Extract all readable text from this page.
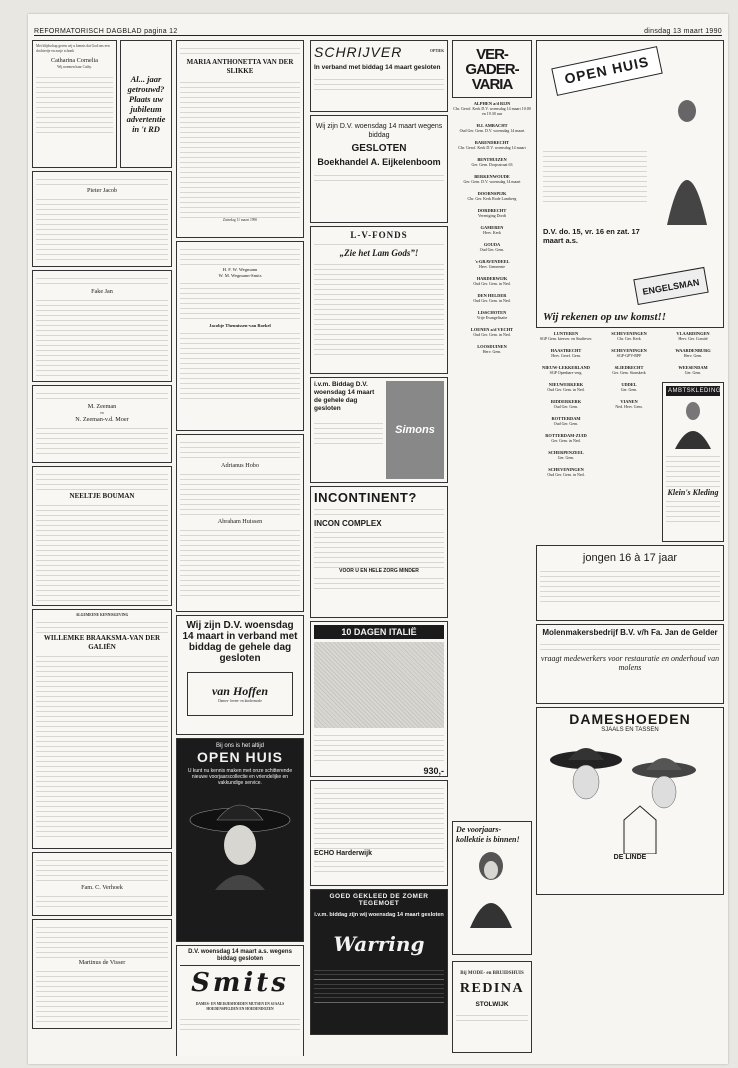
REFORMATORISCH DAGBLAD pagina 12	dinsdag 13 maart 1990
Met blijdschap geven wij u kennis dat God ons een dochtertje en zusje schonk
Catharina Cornelia
Wij noemen haar Cathy.
Al... jaar getrouwd? Plaats uw jubileum advertentie in 't RD
Pieter Jacob
Fake Jan
M. Zeeman
en
N. Zeeman-v.d. Moer
NEELTJE BOUMAN
ALGEMEENE KENNISGEVING
WILLEMKE BRAAKSMA-VAN DER GALIËN
Fam. C. Verhoek
Martinus de Visser
MARIA ANTHONETTA VAN DER SLIKKE
Zaterdag 11 maart 1990
H. F. W. Wegmann
W. M. Wegmann-Smits
Jacobje Theunissen-van Roekel
Adrianus Hobo
Abraham Huissen
Wij zijn D.V. woensdag 14 maart in verband met biddag de gehele dag gesloten
van Hoffen
Dames- heren- en kindermode
Bij ons is het altijd
OPEN HUIS
U kunt nu kennis maken met onze schitterende nieuwe voorjaarscollectie en vriendelijke en vakkundige service.
D.V. woensdag 14 maart a.s. wegens biddag gesloten
Smits
DAMES- EN MEISJESHOEDEN MUTSEN EN SJAALS HOEDENSPELDEN EN HOEDENDOZEN
SCHRIJVER	OPTIEK
In verband met biddag 14 maart gesloten
Wij zijn D.V. woensdag 14 maart wegens biddag
GESLOTEN
Boekhandel A. Eijkelenboom
L-V-FONDS
„Zie het Lam Gods”!
i.v.m. Biddag D.V. woensdag 14 maart de gehele dag gesloten
Simons
INCONTINENT?
INCON COMPLEX
VOOR U EN HELE ZORG MINDER
10 DAGEN ITALIË
930,-
ECHO Harderwijk
GOED GEKLEED DE ZOMER TEGEMOET
i.v.m. biddag zijn wij woensdag 14 maart gesloten
Warring
VER-GADER-VARIA
ALPHEN a/d RIJN
Chr. Gerof. Kerk D.V. woensdag 14 maart 10.00 en 19.30 uur
H.I. AMBACHT
Oud Ger. Gem. D.V. woensdag 14 maart
BARENDRECHT
Chr. Gerof. Kerk D.V. woensdag 14 maart
BENTHUIZEN
Ger. Gem. Dorpsstraat 63
BERKENWOUDE
Ger. Gem. D.V. woensdag 14 maart
DOORNSPIJK
Chr. Ger. Kerk Rode Landweg
DORDRECHT
Vereniging Dordt
GAMEREN
Herv. Kerk
GOUDA
Oud Ger. Gem.
's-GRAVENDEEL
Herv. Gemeente
HARDERWIJK
Oud Ger. Gem. in Ned.
DEN HELDER
Oud Ger. Gem. in Ned.
LISSCHOTEN
Vrije Evangelisatie
LOENEN a/d VECHT
Oud Ger. Gem. in Ned.
LOOSDUINEN
Herv. Gem.
De voorjaars-kollektie is binnen!
Bij MODE- en BRUIDSHUIS
REDINA
STOLWIJK
OPEN HUIS
D.V. do. 15, vr. 16 en zat. 17 maart a.s.
ENGELSMAN
Wij rekenen op uw komst!!
LUNTEREN
SGP Gem. kiesver. en Studiever.
HAASTRECHT
Herv. Geref. Gem.
NIEUW-LEKKERLAND
SGP Openbare verg.
NIEUWERKERK
Oud Ger. Gem. in Ned.
RIDDERKERK
Oud Ger. Gem.
ROTTERDAM
Oud Ger. Gem.
ROTTERDAM-ZUID
Ger. Gem. in Ned.
SCHERPENZEEL
Ger. Gem.
SCHEVENINGEN
Oud Ger. Gem. in Ned.
SCHEVENINGEN
Chr. Ger. Kerk
SCHEVENINGEN
SGP-GPV-RPF
SLIEDRECHT
Ger. Gem. Sionskerk
UDDEL
Ger. Gem.
VIANEN
Ned. Herv. Gem.
VLAARDINGEN
Herv. Ger. Comité
WAARDENBURG
Herv. Gem.
WEESENDAM
Ger. Gem.
AMBTSKLEDING
Klein's Kleding
jongen 16 à 17 jaar
Molenmakersbedrijf B.V. v/h Fa. Jan de Gelder
vraagt medewerkers voor restauratie en onderhoud van molens
DAMESHOEDEN
SJAALS EN TASSEN
DE LINDE
